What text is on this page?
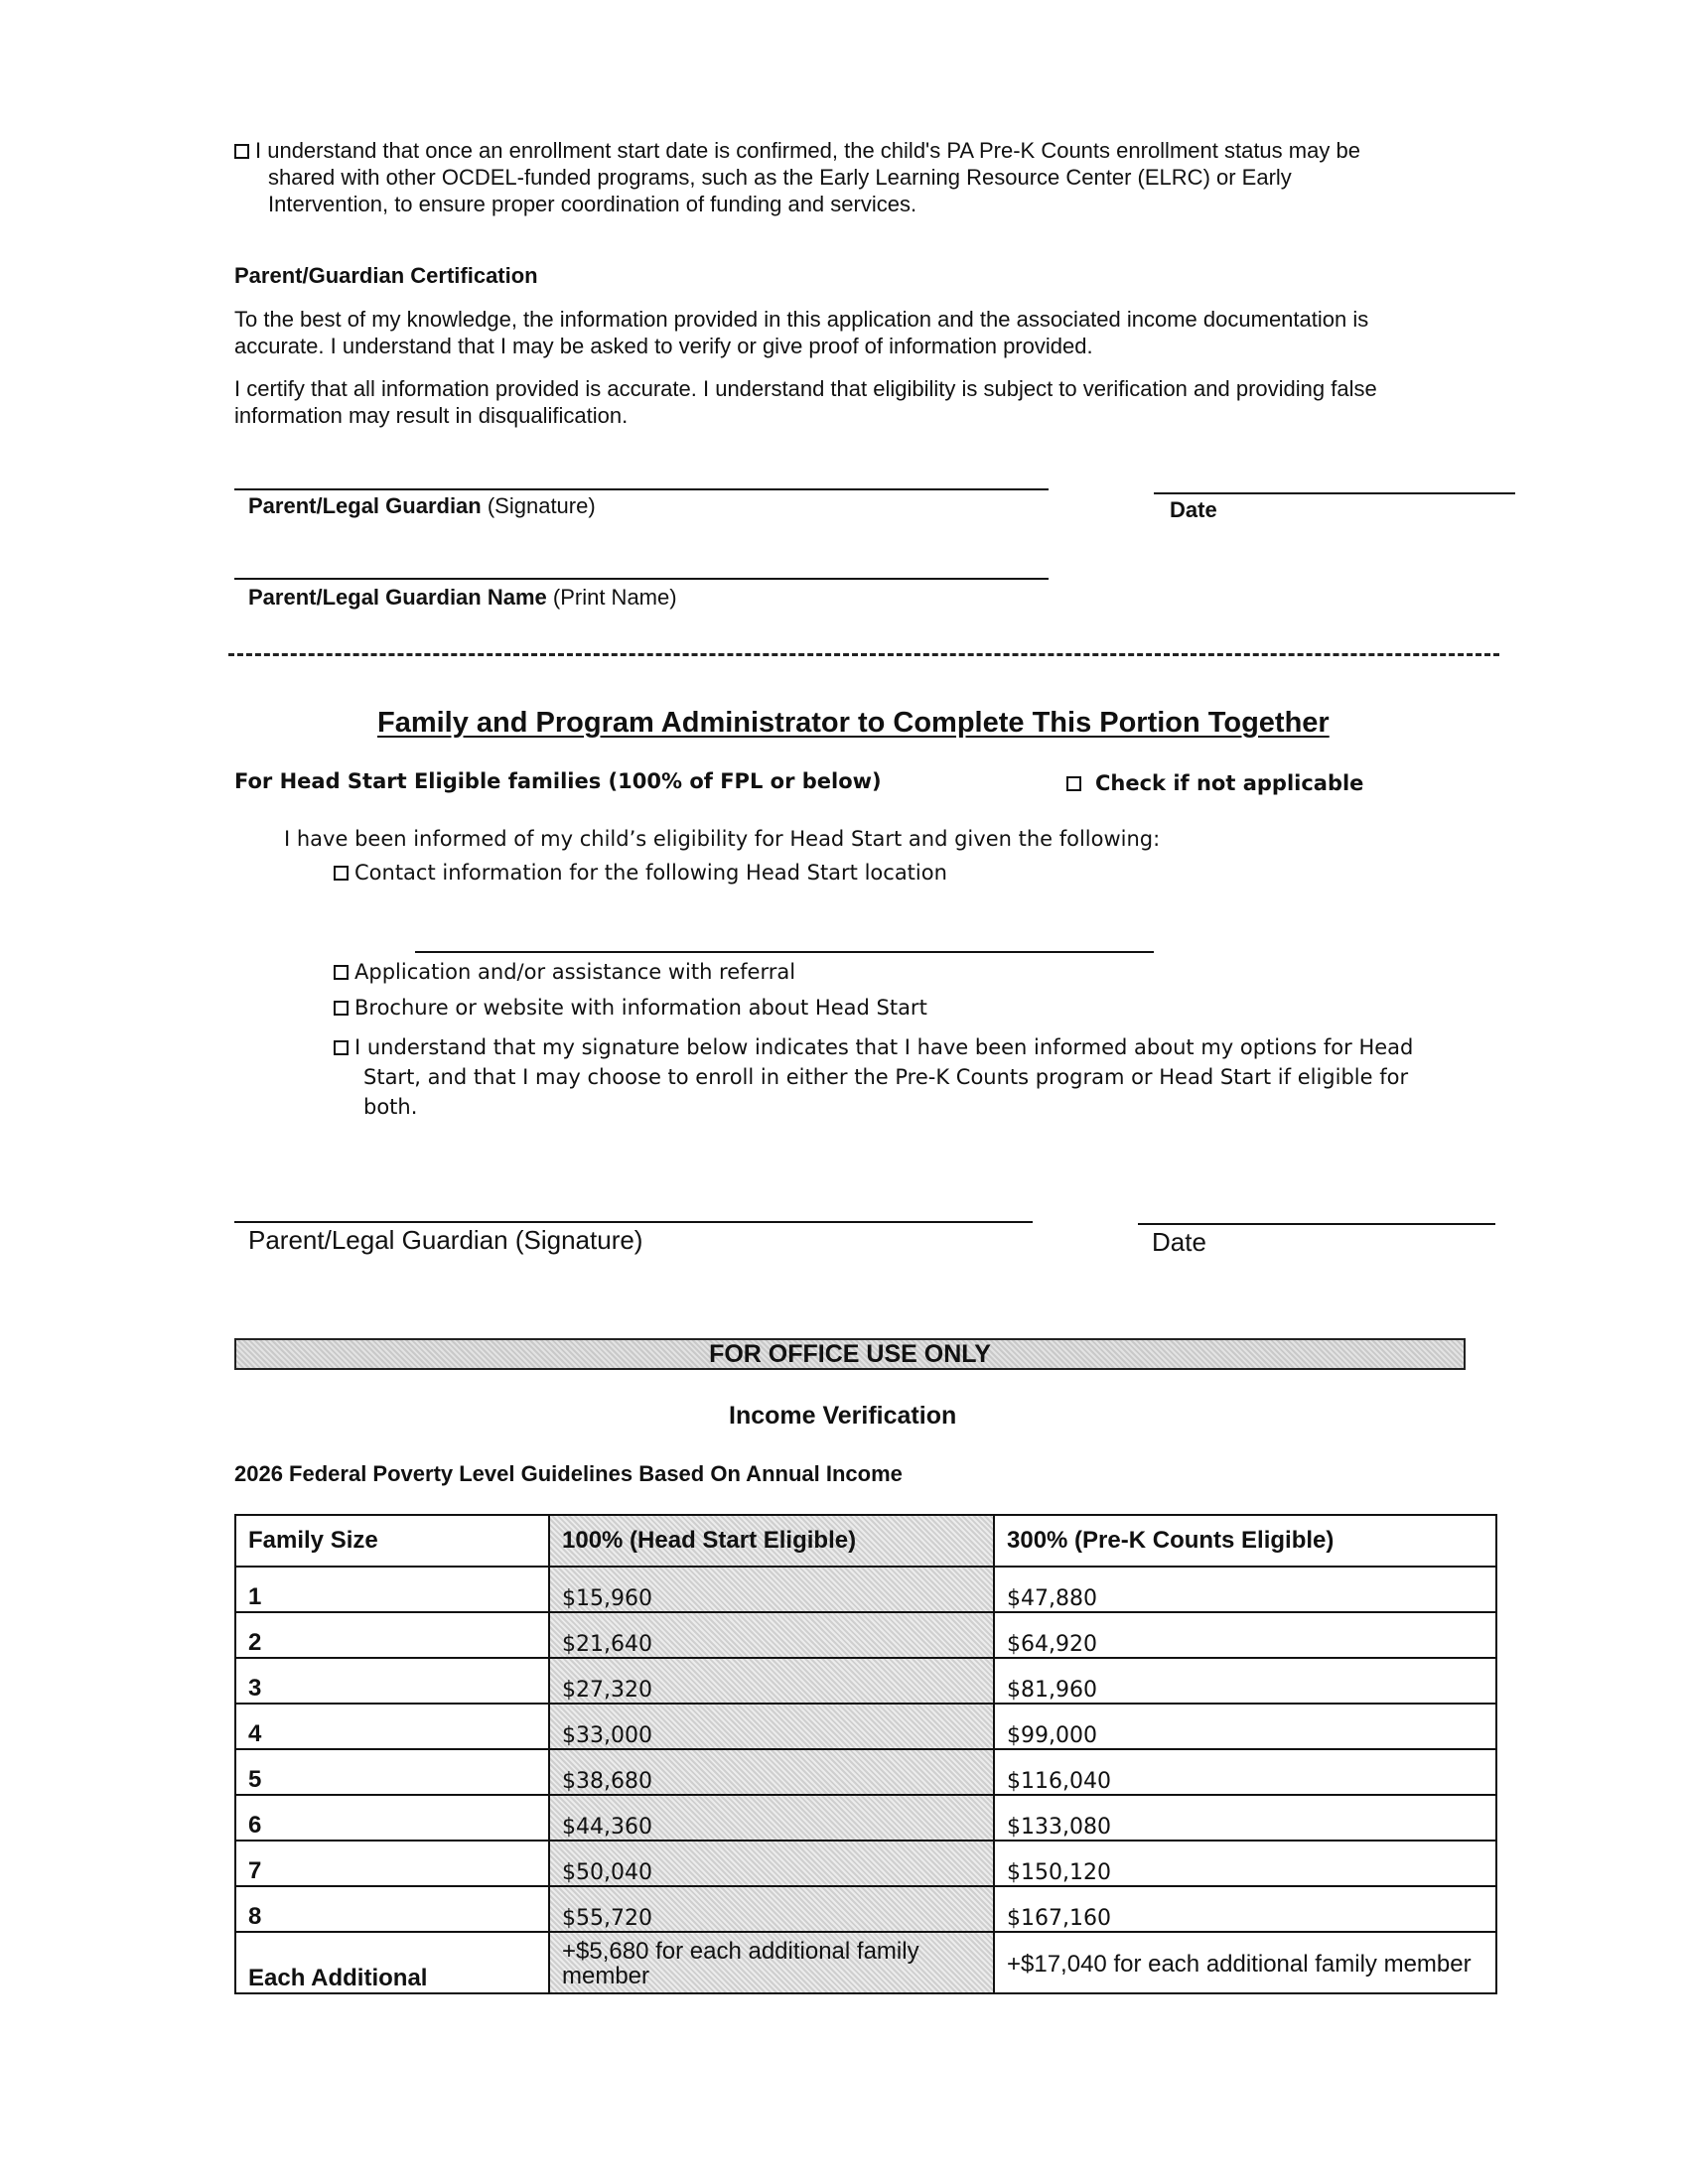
I understand that once an enrollment start date is confirmed, the child's PA Pre-K Counts enrollment status may be
shared with other OCDEL-funded programs, such as the Early Learning Resource Center (ELRC) or Early
Intervention, to ensure proper coordination of funding and services.
Parent/Guardian Certification
To the best of my knowledge, the information provided in this application and the associated income documentation is
accurate. I understand that I may be asked to verify or give proof of information provided.
I certify that all information provided is accurate. I understand that eligibility is subject to verification and providing false
information may result in disqualification.
Parent/Legal Guardian (Signature)	Date
Parent/Legal Guardian Name (Print Name)
Family and Program Administrator to Complete This Portion Together
For Head Start Eligible families (100% of FPL or below)	Check if not applicable
I have been informed of my child’s eligibility for Head Start and given the following:
Contact information for the following Head Start location
Application and/or assistance with referral
Brochure or website with information about Head Start
I understand that my signature below indicates that I have been informed about my options for Head
Start, and that I may choose to enroll in either the Pre-K Counts program or Head Start if eligible for
both.
Parent/Legal Guardian (Signature)	Date
FOR OFFICE USE ONLY
Income Verification
2026 Federal Poverty Level Guidelines Based On Annual Income
Family Size	100% (Head Start Eligible)	300% (Pre-K Counts Eligible)
1	$15,960	$47,880
2	$21,640	$64,920
3	$27,320	$81,960
4	$33,000	$99,000
5	$38,680	$116,040
6	$44,360	$133,080
7	$50,040	$150,120
8	$55,720	$167,160
Each Additional	+$5,680 for each additional family member	+$17,040 for each additional family member
